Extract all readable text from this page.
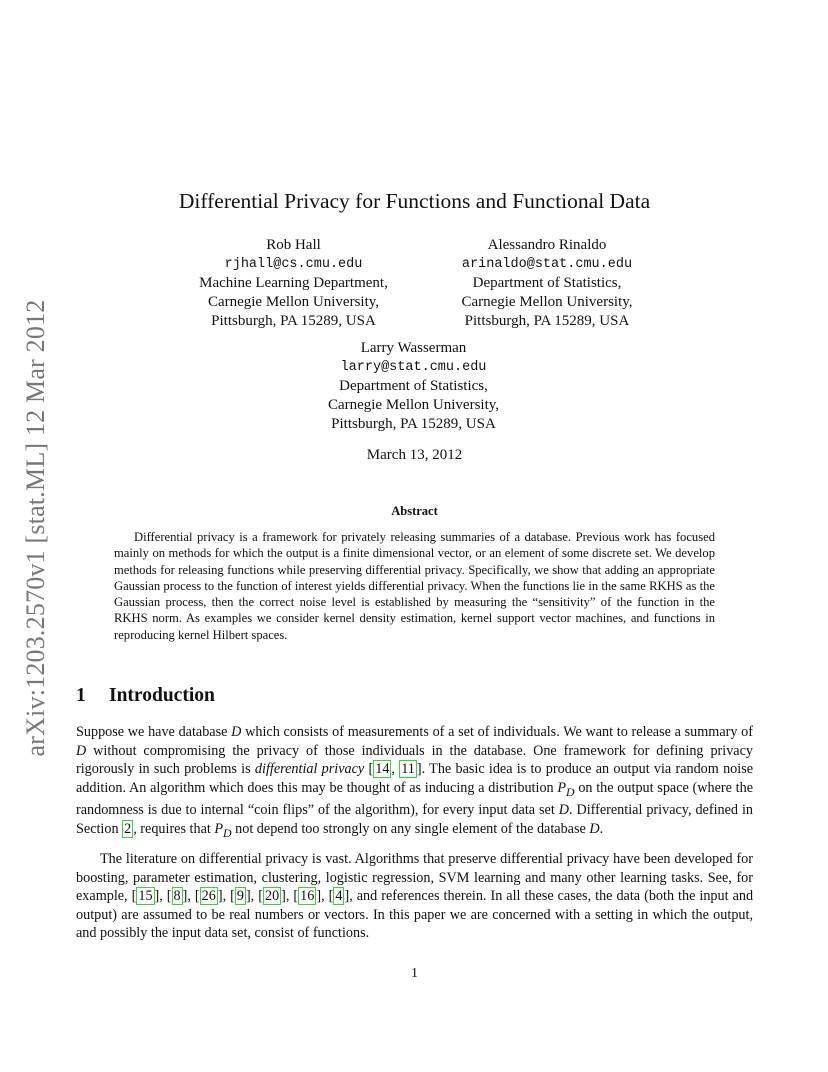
arXiv:1203.2570v1 [stat.ML] 12 Mar 2012
Differential Privacy for Functions and Functional Data
Rob Hall
rjhall@cs.cmu.edu
Machine Learning Department,
Carnegie Mellon University,
Pittsburgh, PA 15289, USA
Alessandro Rinaldo
arinaldo@stat.cmu.edu
Department of Statistics,
Carnegie Mellon University,
Pittsburgh, PA 15289, USA
Larry Wasserman
larry@stat.cmu.edu
Department of Statistics,
Carnegie Mellon University,
Pittsburgh, PA 15289, USA
March 13, 2012
Abstract

Differential privacy is a framework for privately releasing summaries of a database. Previous work has focused mainly on methods for which the output is a finite dimensional vector, or an element of some discrete set. We develop methods for releasing functions while preserving differential privacy. Specifically, we show that adding an appropriate Gaussian process to the function of interest yields differential privacy. When the functions lie in the same RKHS as the Gaussian process, then the correct noise level is established by measuring the “sensitivity” of the function in the RKHS norm. As examples we consider kernel density estimation, kernel support vector machines, and functions in reproducing kernel Hilbert spaces.

1 Introduction

Suppose we have database D which consists of measurements of a set of individuals. We want to release a summary of D without compromising the privacy of those individuals in the database. One framework for defining privacy rigorously in such problems is differential privacy [ 14 , 11 ]. The basic idea is to produce an output via random noise addition. An algorithm which does this may be thought of as inducing a distribution $P_D$ on the output space (where the randomness is due to internal “coin flips” of the algorithm), for every input data set D. Differential privacy, defined in Section 2 , requires that $P_D$ not depend too strongly on any single element of the database D.

The literature on differential privacy is vast. Algorithms that preserve differential privacy have been developed for boosting, parameter estimation, clustering, logistic regression, SVM learning and many other learning tasks. See, for example, [ 15 ], [ 8 ], [ 26 ], [ 9 ], [ 20 ], [ 16 ], [ 4 ], and references therein. In all these cases, the data (both the input and output) are assumed to be real numbers or vectors. In this paper we are concerned with a setting in which the output, and possibly the input data set, consist of functions.

1
